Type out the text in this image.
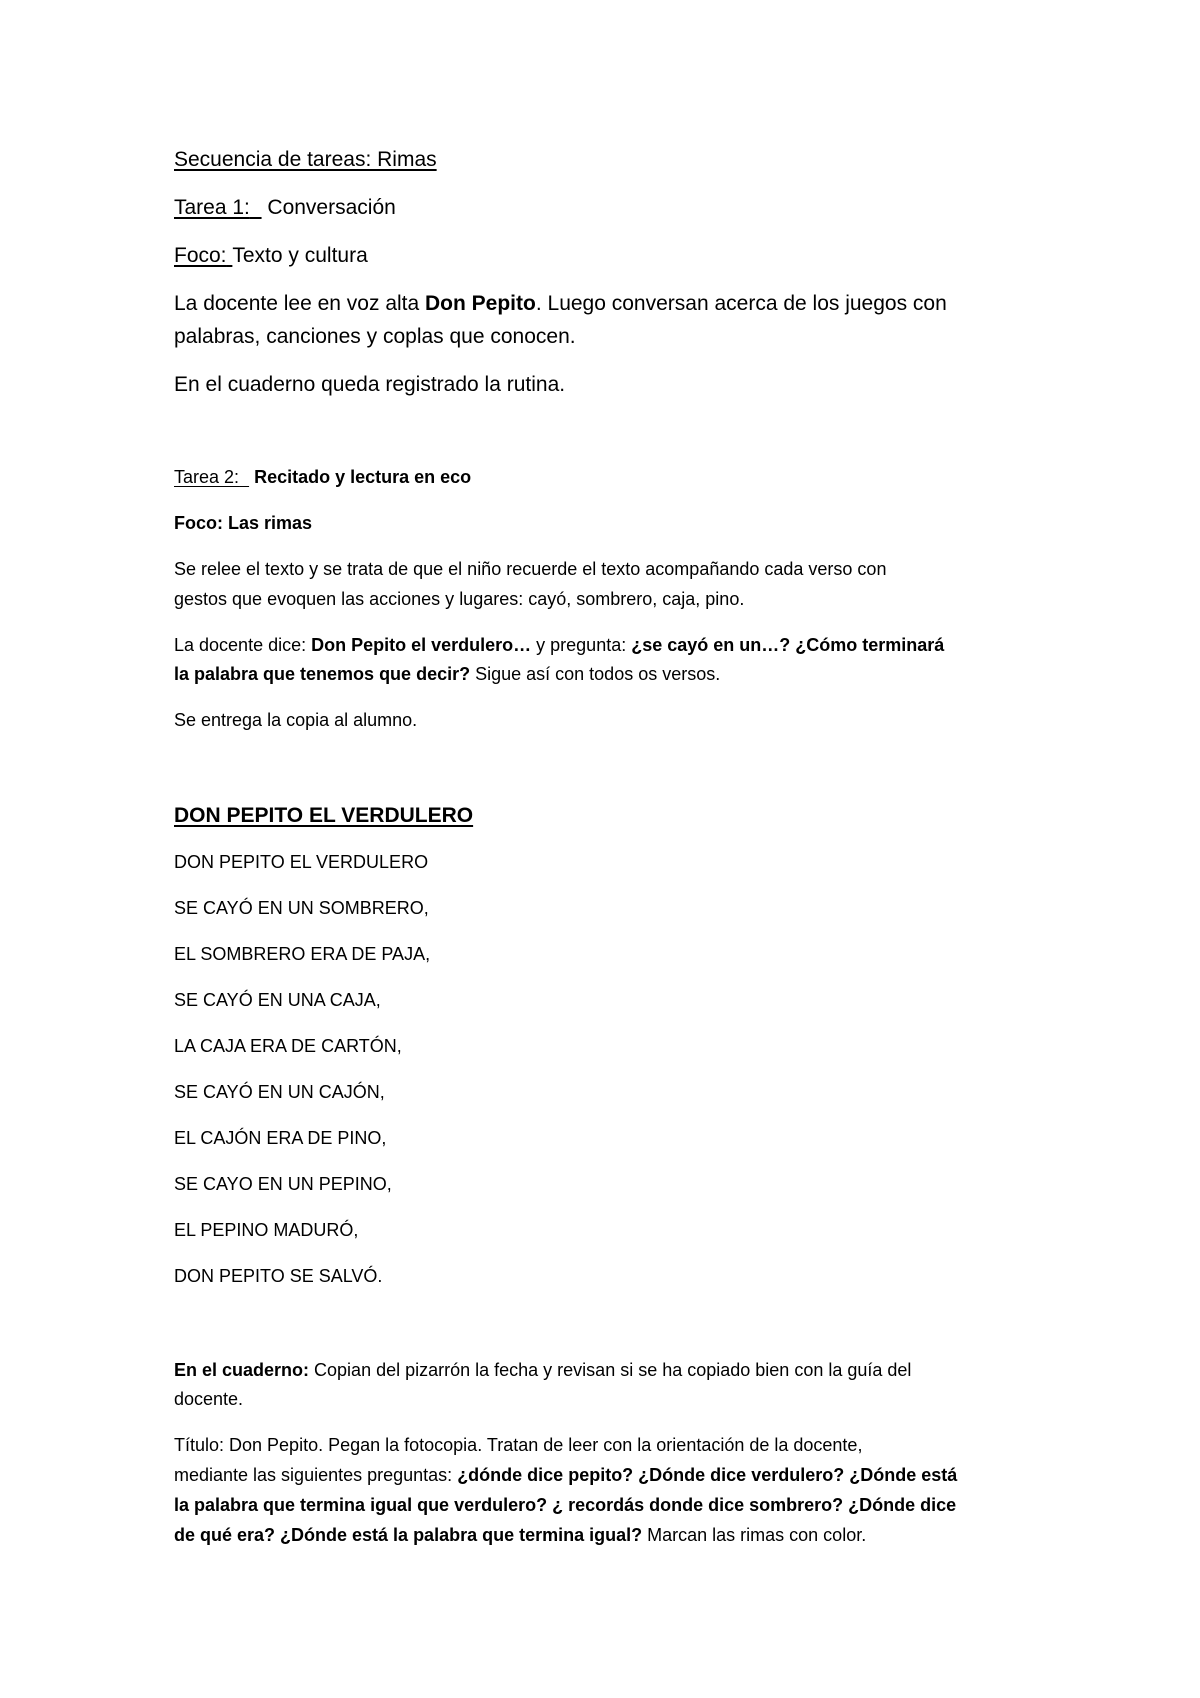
Secuencia de tareas: Rimas
Tarea 1: Conversación
Foco: Texto y cultura
La docente lee en voz alta Don Pepito. Luego conversan acerca de los juegos con
palabras, canciones y coplas que conocen.
En el cuaderno queda registrado la rutina.
Tarea 2: Recitado y lectura en eco
Foco: Las rimas
Se relee el texto y se trata de que el niño recuerde el texto acompañando cada verso con
gestos que evoquen las acciones y lugares: cayó, sombrero, caja, pino.
La docente dice: Don Pepito el verdulero… y pregunta: ¿se cayó en un…? ¿Cómo terminará
la palabra que tenemos que decir? Sigue así con todos os versos.
Se entrega la copia al alumno.
DON PEPITO EL VERDULERO
DON PEPITO EL VERDULERO
SE CAYÓ EN UN SOMBRERO,
EL SOMBRERO ERA DE PAJA,
SE CAYÓ EN UNA CAJA,
LA CAJA ERA DE CARTÓN,
SE CAYÓ EN UN CAJÓN,
EL CAJÓN ERA DE PINO,
SE CAYO EN UN PEPINO,
EL PEPINO MADURÓ,
DON PEPITO SE SALVÓ.
En el cuaderno: Copian del pizarrón la fecha y revisan si se ha copiado bien con la guía del
docente.
Título: Don Pepito. Pegan la fotocopia. Tratan de leer con la orientación de la docente,
mediante las siguientes preguntas: ¿dónde dice pepito? ¿Dónde dice verdulero? ¿Dónde está
la palabra que termina igual que verdulero? ¿ recordás donde dice sombrero? ¿Dónde dice
de qué era? ¿Dónde está la palabra que termina igual? Marcan las rimas con color.
